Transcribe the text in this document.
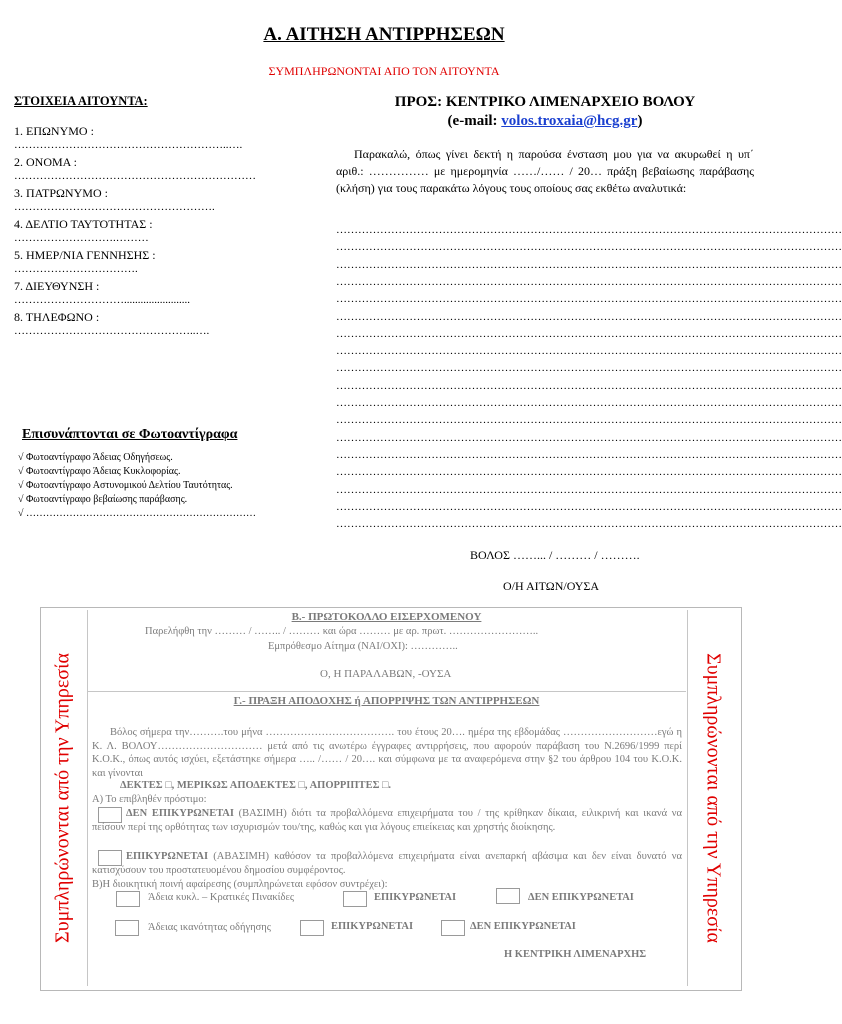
Α. ΑΙΤΗΣΗ ΑΝΤΙΡΡΗΣΕΩΝ
ΣΥΜΠΛΗΡΩΝΟΝΤΑΙ ΑΠΟ ΤΟΝ ΑΙΤΟΥΝΤΑ
ΣΤΟΙΧΕΙΑ ΑΙΤΟΥΝΤΑ:
1. ΕΠΩΝΥΜΟ :
…………………………………………………..….
2. ΟΝΟΜΑ :
…………………………………………………………
3. ΠΑΤΡΩΝΥΜΟ :
……………………………………………….
4. ΔΕΛΤΙΟ ΤΑΥΤΟΤΗΤΑΣ :
……………………….………
5. ΗΜΕΡ/ΝΙΑ ΓΕΝΝΗΣΗΣ :
…………………………….
7. ΔΙΕΥΘΥΝΣΗ :
…………………………........................
8. ΤΗΛΕΦΩΝΟ :
…………………………………………..….
ΠΡΟΣ: ΚΕΝΤΡΙΚΟ ΛΙΜΕΝΑΡΧΕΙΟ ΒΟΛΟΥ
(e-mail: volos.troxaia@hcg.gr)
Παρακαλώ, όπως γίνει δεκτή η παρούσα ένσταση μου για να ακυρωθεί η υπ΄ αριθ.: …………… με ημερομηνία ……/…… / 20… πράξη βεβαίωσης παράβασης (κλήση) για τους παρακάτω λόγους τους οποίους σας εκθέτω αναλυτικά:
…………………………………………………………………………………………………………………………
…………………………………………………………………………………………………………………………
…………………………………………………………………………………………………………………………
…………………………………………………………………………………………………………………………
…………………………………………………………………………………………………………………………
…………………………………………………………………………………………………………………………
…………………………………………………………………………………………………………………………
…………………………………………………………………………………………………………………………
…………………………………………………………………………………………………………………………
…………………………………………………………………………………………………………………………
…………………………………………………………………………………………………………………………
…………………………………………………………………………………………………………………………
…………………………………………………………………………………………………………………………
…………………………………………………………………………………………………………………………
…………………………………………………………………………………………………………………………
…………………………………………………………………………………………………………………………
…………………………………………………………………………………………………………………………
…………………………………………………………………………………………………………………………
Επισυνάπτονται σε Φωτοαντίγραφα
√ Φωτοαντίγραφο Άδειας Οδηγήσεως.
√ Φωτοαντίγραφο Άδειας Κυκλοφορίας.
√ Φωτοαντίγραφο Αστυνομικού Δελτίου Ταυτότητας.
√ Φωτοαντίγραφο βεβαίωσης παράβασης.
√ ……………………………………………………………
ΒΟΛΟΣ ……... / ……… / ……….
Ο/Η ΑΙΤΩΝ/ΟΥΣΑ
Συμπληρώνονται από την Υπηρεσία	Συμπληρώνονται από την Υπηρεσία
Β.- ΠΡΩΤΟΚΟΛΛΟ ΕΙΣΕΡΧΟΜΕΝΟΥ
Παρελήφθη την ……… / …….. / ……… και ώρα ……… με αρ. πρωτ. ……………………..
Εμπρόθεσμο Αίτημα (ΝΑΙ/ΟΧΙ): …………..
Ο, Η ΠΑΡΑΛΑΒΩΝ, -ΟΥΣΑ
Γ.- ΠΡΑΞΗ ΑΠΟΔΟΧΗΣ ή ΑΠΟΡΡΙΨΗΣ ΤΩΝ ΑΝΤΙΡΡΗΣΕΩΝ
Βόλος σήμερα την……….του μήνα ………………………………. του έτους 20…. ημέρα της εβδομάδας ………………………εγώ η Κ. Λ. ΒΟΛΟΥ………………………… μετά από τις ανωτέρω έγγραφες αντιρρήσεις, που αφορούν παράβαση του Ν.2696/1999 περί Κ.Ο.Κ., όπως αυτός ισχύει, εξετάστηκε σήμερα ….. /…… / 20…. και σύμφωνα με τα αναφερόμενα στην §2 του άρθρου 104 του Κ.Ο.Κ. και γίνονται
ΔΕΚΤΕΣ □, ΜΕΡΙΚΩΣ ΑΠΟΔΕΚΤΕΣ □, ΑΠΟΡΡΙΠΤΕΣ □.
Α) Το επιβληθέν πρόστιμο:
ΔΕΝ ΕΠΙΚΥΡΩΝΕΤΑΙ (ΒΑΣΙΜΗ) διότι τα προβαλλόμενα επιχειρήματα του / της κρίθηκαν δίκαια, ειλικρινή και ικανά να πείσουν περί της ορθότητας των ισχυρισμών του/της, καθώς και για λόγους επιείκειας και χρηστής διοίκησης.
ΕΠΙΚΥΡΩΝΕΤΑΙ (ΑΒΑΣΙΜΗ) καθόσον τα προβαλλόμενα επιχειρήματα είναι ανεπαρκή αβάσιμα και δεν είναι δυνατό να κατισχύσουν του προστατευομένου δημοσίου συμφέροντος.
Β)Η διοικητική ποινή αφαίρεσης (συμπληρώνεται εφόσον συντρέχει):
Άδεια κυκλ. – Κρατικές Πινακίδες	ΕΠΙΚΥΡΩΝΕΤΑΙ	ΔΕΝ ΕΠΙΚΥΡΩΝΕΤΑΙ
Άδειας ικανότητας οδήγησης	ΕΠΙΚΥΡΩΝΕΤΑΙ	ΔΕΝ ΕΠΙΚΥΡΩΝΕΤΑΙ
Η ΚΕΝΤΡΙΚΗ ΛΙΜΕΝΑΡΧΗΣ
